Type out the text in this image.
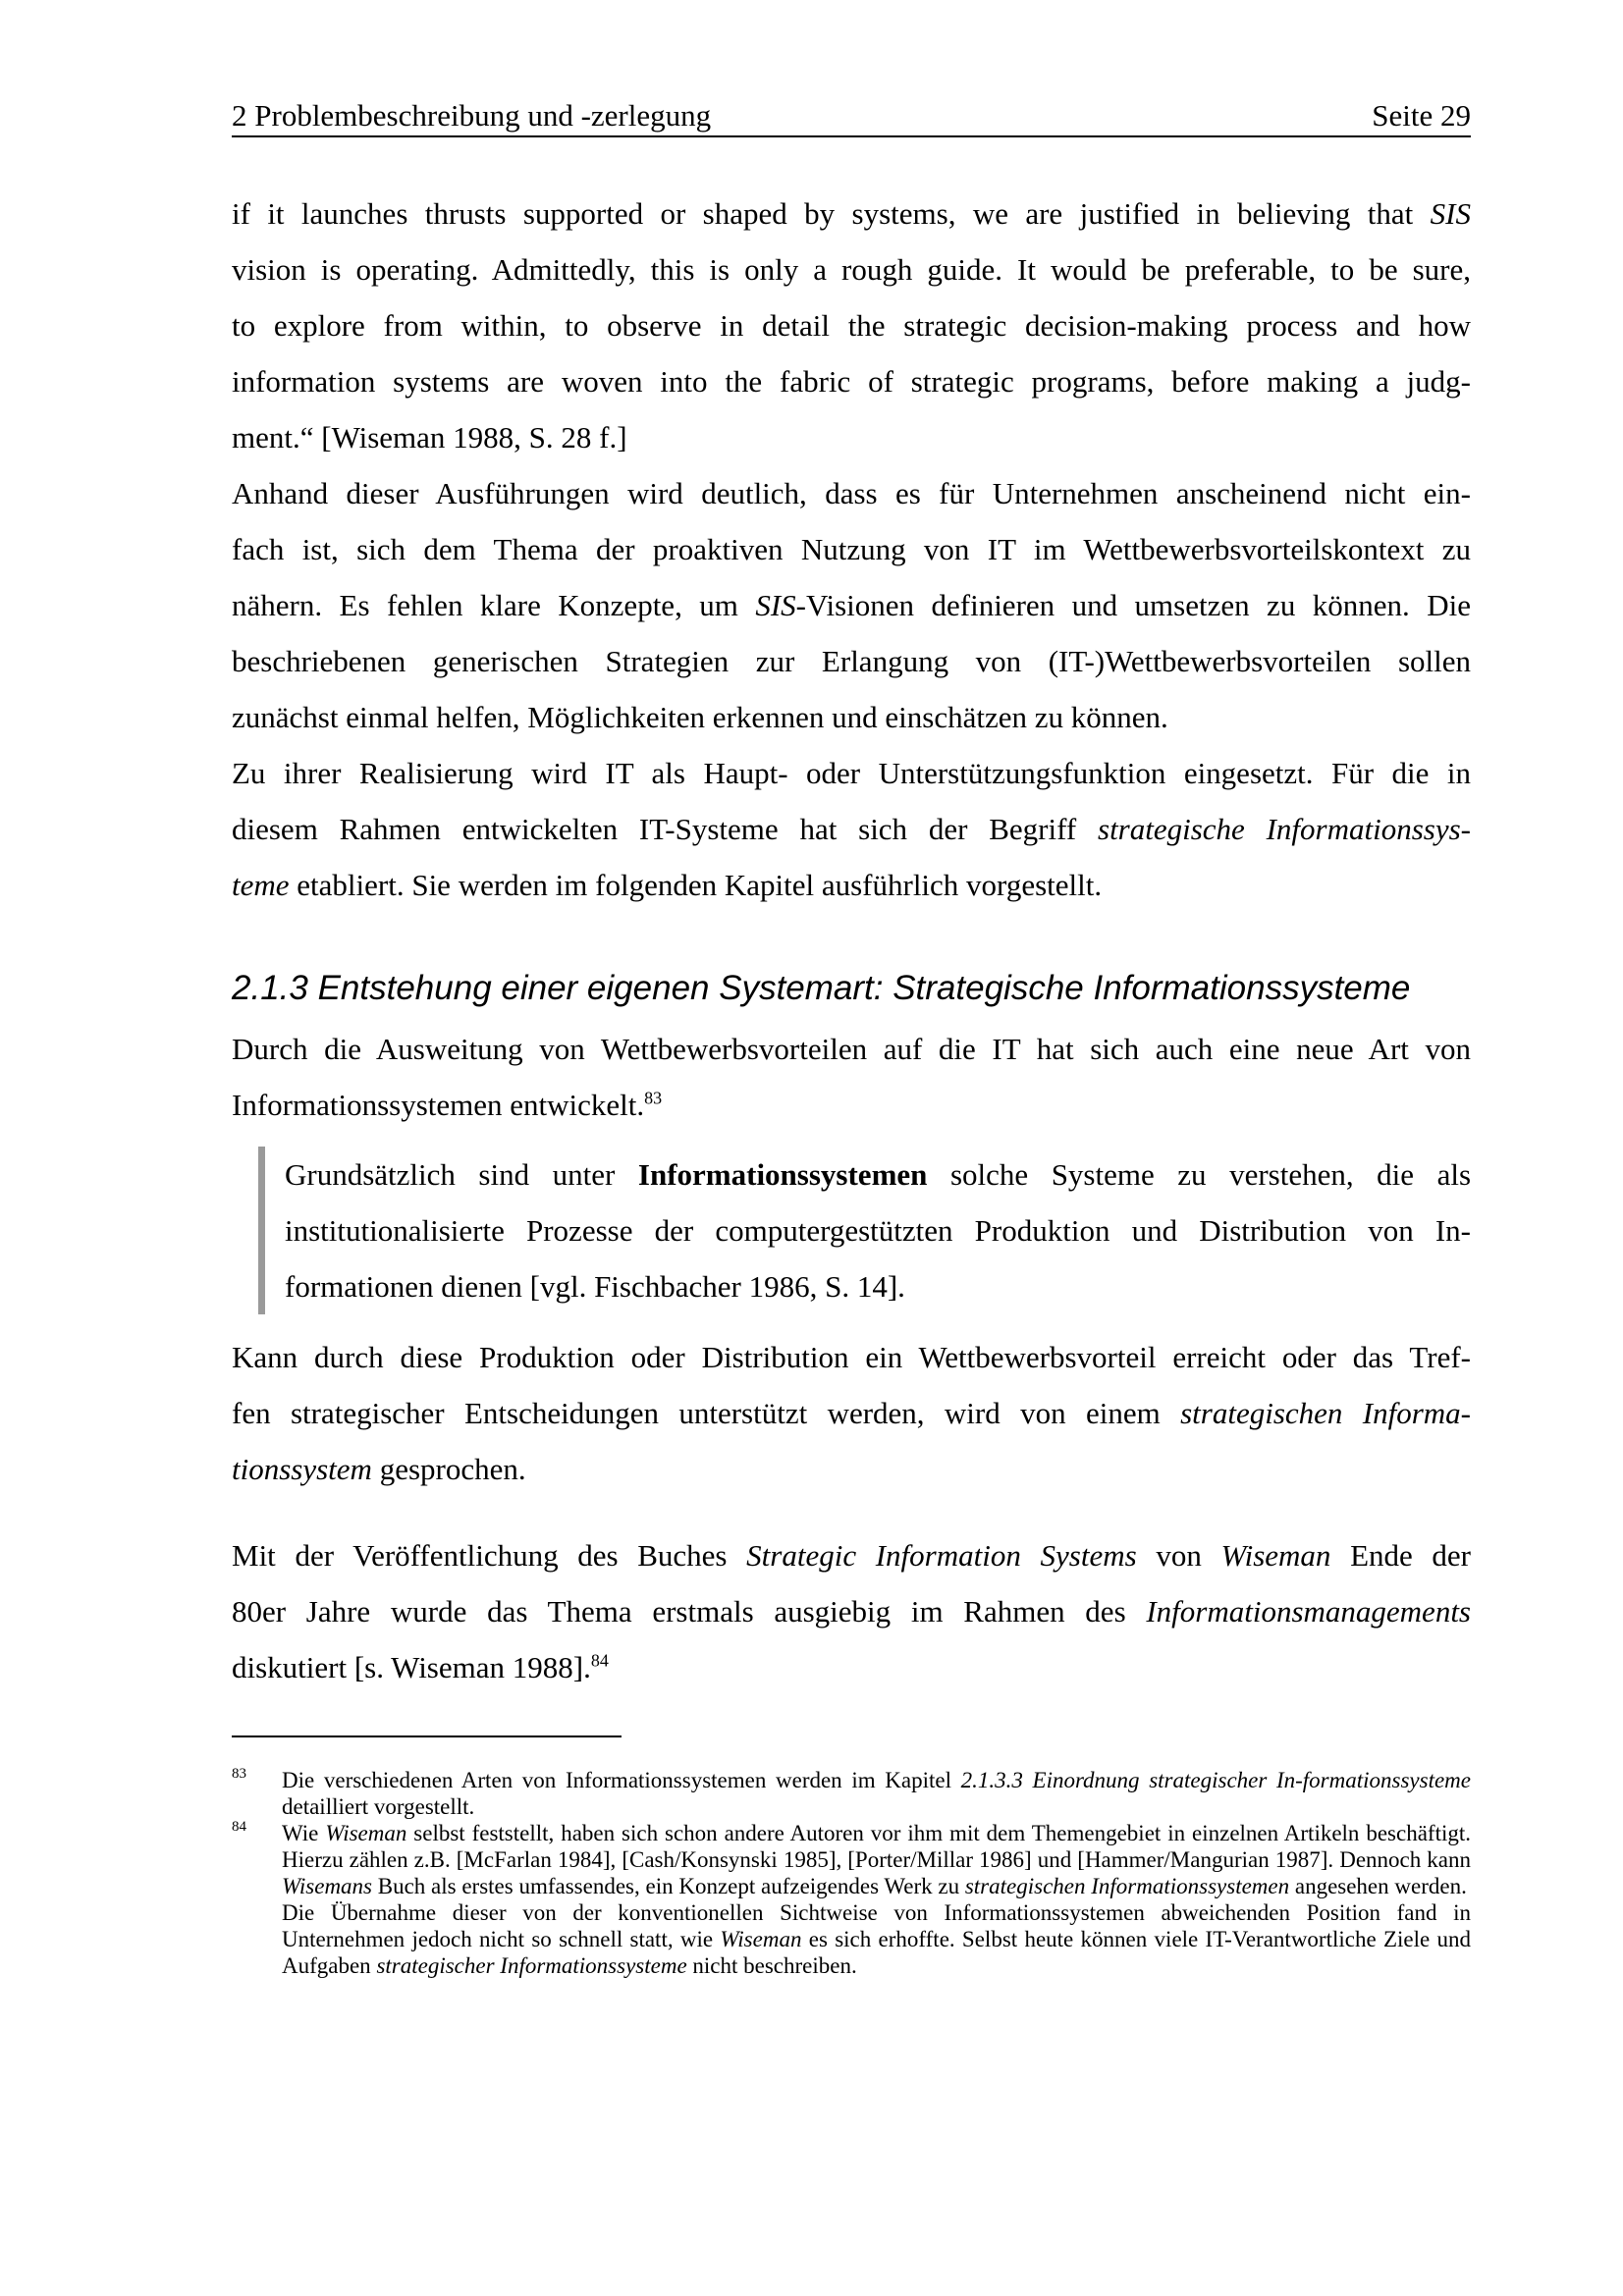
2 Problembeschreibung und -zerlegung	Seite 29
if it launches thrusts supported or shaped by systems, we are justified in believing that SIS
vision is operating. Admittedly, this is only a rough guide. It would be preferable, to be sure,
to explore from within, to observe in detail the strategic decision-making process and how
information systems are woven into the fabric of strategic programs, before making a judg-
ment.“ [Wiseman 1988, S. 28 f.]
Anhand dieser Ausführungen wird deutlich, dass es für Unternehmen anscheinend nicht ein-
fach ist, sich dem Thema der proaktiven Nutzung von IT im Wettbewerbsvorteilskontext zu
nähern. Es fehlen klare Konzepte, um SIS-Visionen definieren und umsetzen zu können. Die
beschriebenen generischen Strategien zur Erlangung von (IT-)Wettbewerbsvorteilen sollen
zunächst einmal helfen, Möglichkeiten erkennen und einschätzen zu können.
Zu ihrer Realisierung wird IT als Haupt- oder Unterstützungsfunktion eingesetzt. Für die in
diesem Rahmen entwickelten IT-Systeme hat sich der Begriff strategische Informationssys-
teme etabliert. Sie werden im folgenden Kapitel ausführlich vorgestellt.
2.1.3 Entstehung einer eigenen Systemart: Strategische Informationssysteme
Durch die Ausweitung von Wettbewerbsvorteilen auf die IT hat sich auch eine neue Art von
Informationssystemen entwickelt.$^{83}$
Grundsätzlich sind unter Informationssystemen solche Systeme zu verstehen, die als
institutionalisierte Prozesse der computergestützten Produktion und Distribution von In-
formationen dienen [vgl. Fischbacher 1986, S. 14].
Kann durch diese Produktion oder Distribution ein Wettbewerbsvorteil erreicht oder das Tref-
fen strategischer Entscheidungen unterstützt werden, wird von einem strategischen Informa-
tionssystem gesprochen.
Mit der Veröffentlichung des Buches Strategic Information Systems von Wiseman Ende der
80er Jahre wurde das Thema erstmals ausgiebig im Rahmen des Informationsmanagements
diskutiert [s. Wiseman 1988].$^{84}$
83 Die verschiedenen Arten von Informationssystemen werden im Kapitel 2.1.3.3 Einordnung strategischer In-formationssysteme detailliert vorgestellt.
84 Wie Wiseman selbst feststellt, haben sich schon andere Autoren vor ihm mit dem Themengebiet in einzelnen Artikeln beschäftigt. Hierzu zählen z.B. [McFarlan 1984], [Cash/Konsynski 1985], [Porter/Millar 1986] und [Hammer/Mangurian 1987]. Dennoch kann Wisemans Buch als erstes umfassendes, ein Konzept aufzeigendes Werk zu strategischen Informationssystemen angesehen werden.
Die Übernahme dieser von der konventionellen Sichtweise von Informationssystemen abweichenden Position fand in Unternehmen jedoch nicht so schnell statt, wie Wiseman es sich erhoffte. Selbst heute können viele IT-Verantwortliche Ziele und Aufgaben strategischer Informationssysteme nicht beschreiben.
